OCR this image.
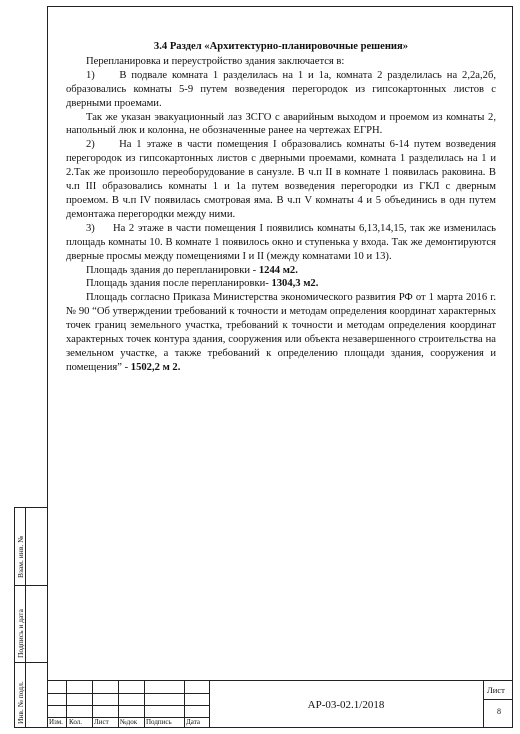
3.4 Раздел «Архитектурно-планировочные решения»

Перепланировка и переустройство здания заключается в:

1)     В подвале комната 1 разделилась на 1 и 1а, комната 2 разделилась на 2,2а,2б, образовались комнаты 5-9 путем возведения перегородок из гипсокартонных листов с дверными проемами.

Так же указан эвакуационный лаз ЗСГО с аварийным выходом и проемом из комнаты 2, напольный люк и колонна, не обозначенные ранее на чертежах ЕГРН.

2)     На 1 этаже в части помещения I образовались комнаты 6-14 путем возведения перегородок из гипсокартонных листов с дверными проемами, комната 1 разделилась на 1 и 2.Так же произошло переоборудование в санузле. В ч.п II в комнате 1 появилась раковина. В ч.п III образовались комнаты 1 и 1а путем возведения перегородки из ГКЛ с дверным проемом. В ч.п IV появилась смотровая яма. В ч.п V комнаты 4 и 5 объединись в одн путем демонтажа перегородки между ними.

3)     На 2 этаже в части помещения I появились комнаты 6,13,14,15, так же изменилась площадь комнаты 10. В комнате 1 появилось окно и ступенька у входа. Так же демонтируются дверные просмы между помещениями I и II (между комнатами 10 и 13).

Площадь здания до перепланировки - 1244 м2.

Площадь здания после перепланировки- 1304,3 м2.

Площадь согласно Приказа Министерства экономического развития РФ от 1 марта 2016 г. № 90 “Об утверждении требований к точности и методам определения координат характерных точек границ земельного участка, требований к точности и методам определения координат характерных точек контура здания, сооружения или объекта незавершенного строительства на земельном участке, а также требований к определению площади здания, сооружения и помещения” - 1502,2 м 2.

Взам. инв. №
Подпись и дата
Инв. № подл.	Изм. Кол. Лист №док Подпись Дата
АР-03-02.1/2018
Лист
8
